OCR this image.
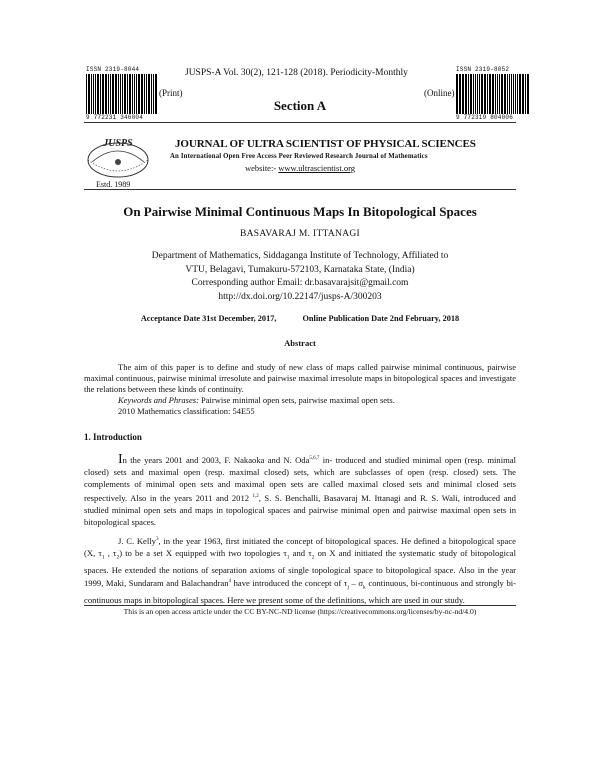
ISSN 2319-8044
9 772231 346004
ISSN 2319-8052
9 772319 804006
JUSPS-A Vol. 30(2), 121-128 (2018). Periodicity-Monthly
(Print)	(Online)
Section A
JUSPS
Estd. 1989
JOURNAL OF ULTRA SCIENTIST OF PHYSICAL SCIENCES
An International Open Free Access Peer Reviewed Research Journal of Mathematics
website:- www.ultrascientist.org
On Pairwise Minimal Continuous Maps In Bitopological Spaces
BASAVARAJ M. ITTANAGI
Department of Mathematics, Siddaganga Institute of Technology, Affiliated to
VTU, Belagavi, Tumakuru-572103, Karnataka State, (India)
Corresponding author Email: dr.basavarajsit@gmail.com
http://dx.doi.org/10.22147/jusps-A/300203
Acceptance Date 31st December, 2017,	Online Publication Date 2nd February, 2018
Abstract

The aim of this paper is to define and study of new class of maps called pairwise minimal continuous, pairwise maximal continuous, pairwise minimal irresolute and pairwise maximal irresolute maps in bitopological spaces and investigate the relations between these kinds of continuity.

Keywords and Phrases: Pairwise minimal open sets, pairwise maximal open sets.

2010 Mathematics classification: 54E55

1. Introduction

In the years 2001 and 2003, F. Nakaoka and N. Oda$^{5,6,7}$ in- troduced and studied minimal open (resp. minimal closed) sets and maximal open (resp. maximal closed) sets, which are subclasses of open (resp. closed) sets. The complements of minimal open sets and maximal open sets are called maximal closed sets and minimal closed sets respectively. Also in the years 2011 and 2012 $^{1,2}$, S. S. Benchalli, Basavaraj M. Ittanagi and R. S. Wali, introduced and studied minimal open sets and maps in topological spaces and pairwise minimal open and pairwise maximal open sets in bitopological spaces.

J. C. Kelly$^3$, in the year 1963, first initiated the concept of bitopological spaces. He defined a bitopological space (X, $\tau_1$ , $\tau_2$) to be a set X equipped with two topologies $\tau_1$ and $\tau_2$ on X and initiated the systematic study of bitopological spaces. He extended the notions of separation axioms of single topological space to bitopological space. Also in the year 1999, Maki, Sundaram and Balachandran$^4$ have introduced the concept of $\tau_j - \sigma_k$ continuous, bi-continuous and strongly bi-continuous maps in bitopological spaces. Here we present some of the definitions, which are used in our study.

This is an open access article under the CC BY-NC-ND license (https://creativecommons.org/licenses/by-nc-nd/4.0)
